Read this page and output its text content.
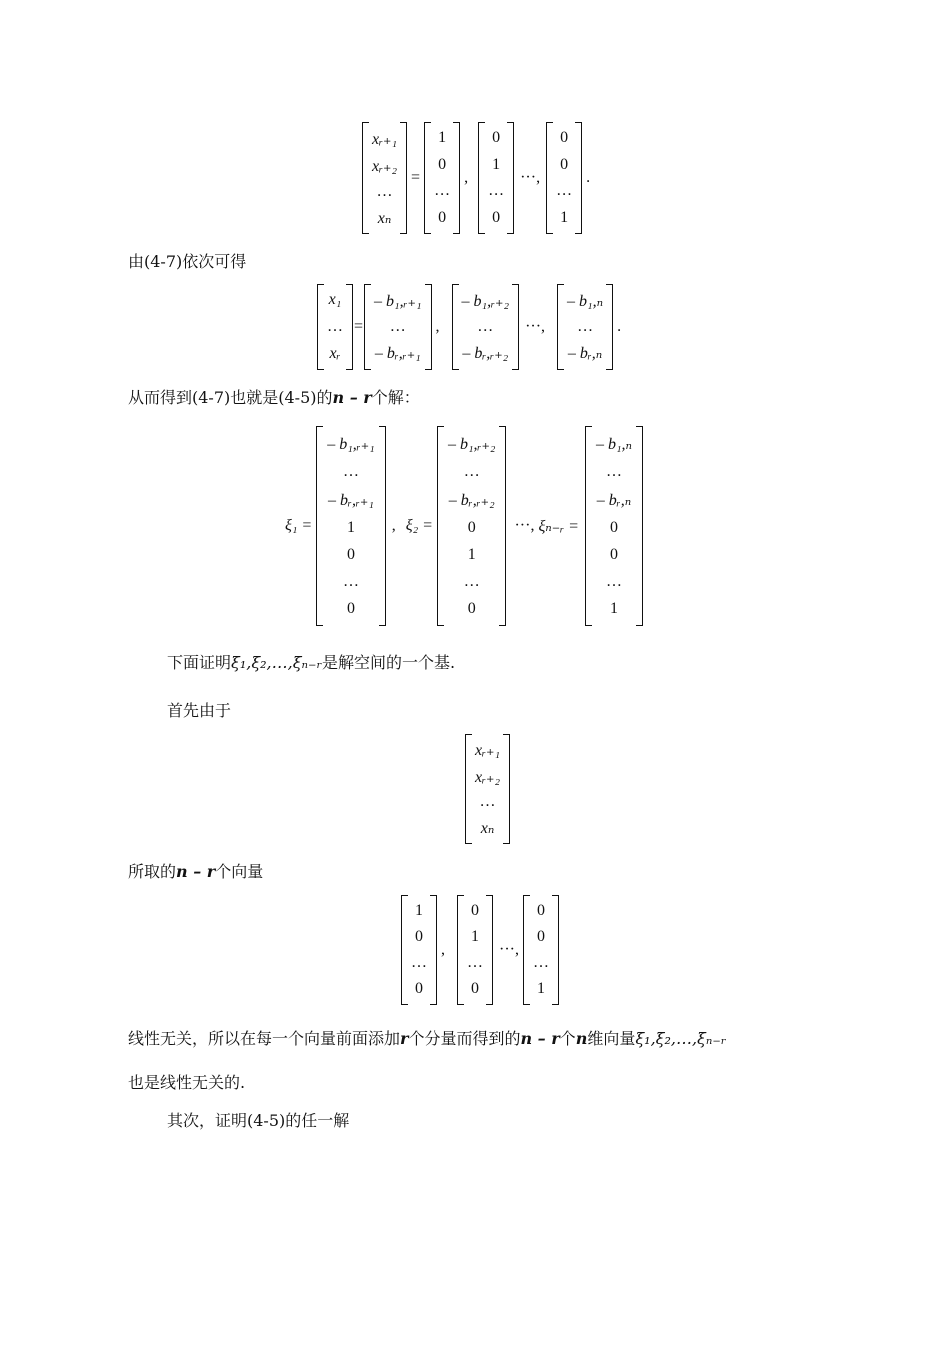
xᵣ₊₁
xᵣ₊₂
…
xₙ
=
1
0
…
0
,
0
1
…
0
···,
0
0
…
1
.
由(4-7)依次可得
x₁
…
xᵣ
=
– b₁,ᵣ₊₁
…
– bᵣ,ᵣ₊₁
,
– b₁,ᵣ₊₂
…
– bᵣ,ᵣ₊₂
···,
– b₁,ₙ
…
– bᵣ,ₙ
.
从而得到(4-7)也就是(4-5)的n – r个解：
ξ₁ =
– b₁,ᵣ₊₁
…
– bᵣ,ᵣ₊₁
1
0
…
0
, ξ₂ =
– b₁,ᵣ₊₂
…
– bᵣ,ᵣ₊₂
0
1
…
0
···, ξₙ₋ᵣ =
– b₁,ₙ
…
– bᵣ,ₙ
0
0
…
1
下面证明ξ₁,ξ₂,…,ξₙ₋ᵣ是解空间的一个基.
首先由于
xᵣ₊₁
xᵣ₊₂
…
xₙ
所取的n – r个向量
1
0
…
0
,
0
1
…
0
···,
0
0
…
1
线性无关，所以在每一个向量前面添加r个分量而得到的n – r个n维向量ξ₁,ξ₂,…,ξₙ₋ᵣ
也是线性无关的.
其次，证明(4-5)的任一解
